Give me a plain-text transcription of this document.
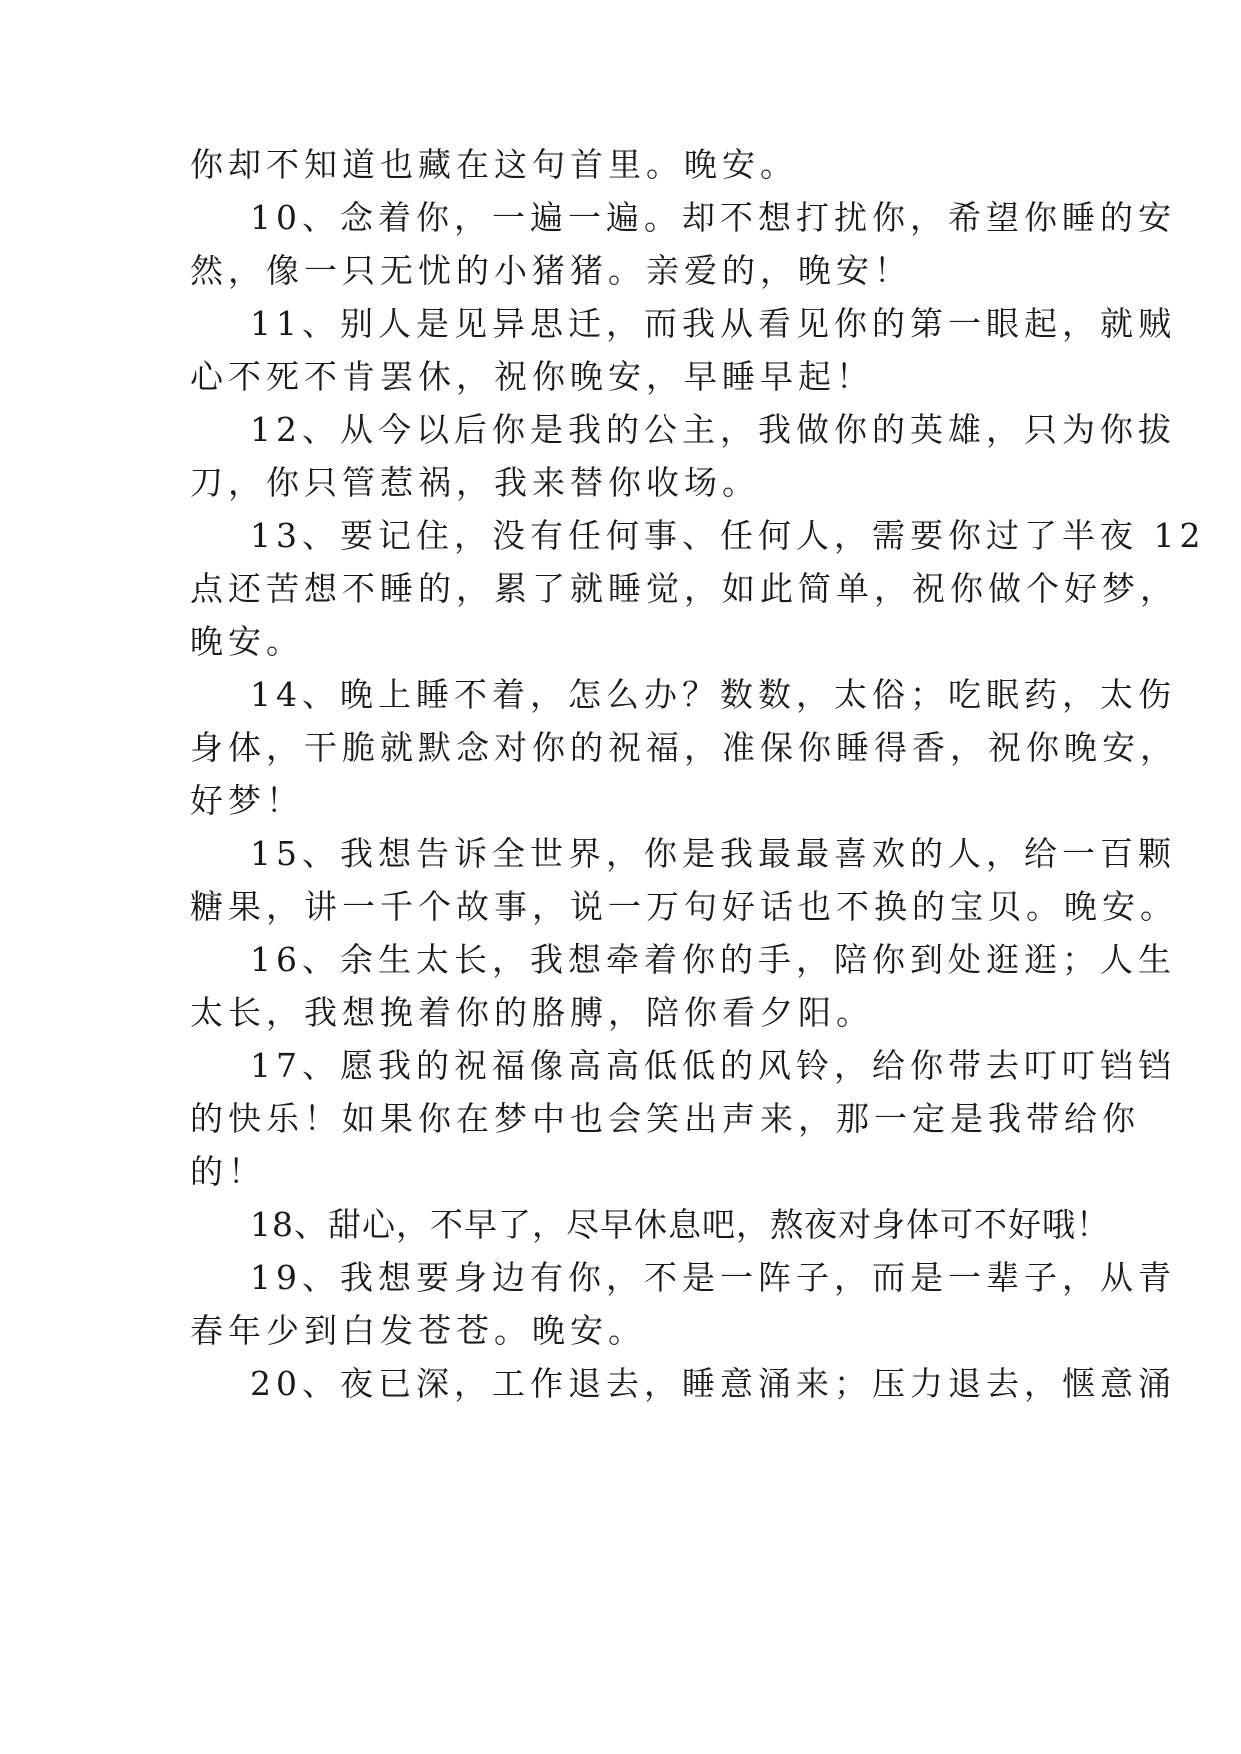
你却不知道也藏在这句首里。晚安。
10、念着你，一遍一遍。却不想打扰你，希望你睡的安
然，像一只无忧的小猪猪。亲爱的，晚安！
11、别人是见异思迁，而我从看见你的第一眼起，就贼
心不死不肯罢休，祝你晚安，早睡早起！
12、从今以后你是我的公主，我做你的英雄，只为你拔
刀，你只管惹祸，我来替你收场。
13、要记住，没有任何事、任何人，需要你过了半夜 12
点还苦想不睡的，累了就睡觉，如此简单，祝你做个好梦，
晚安。
14、晚上睡不着，怎么办？数数，太俗；吃眠药，太伤
身体，干脆就默念对你的祝福，准保你睡得香，祝你晚安，
好梦！
15、我想告诉全世界，你是我最最喜欢的人，给一百颗
糖果，讲一千个故事，说一万句好话也不换的宝贝。晚安。
16、余生太长，我想牵着你的手，陪你到处逛逛；人生
太长，我想挽着你的胳膊，陪你看夕阳。
17、愿我的祝福像高高低低的风铃，给你带去叮叮铛铛
的快乐！如果你在梦中也会笑出声来，那一定是我带给你
的！
18、甜心，不早了，尽早休息吧，熬夜对身体可不好哦！
19、我想要身边有你，不是一阵子，而是一辈子，从青
春年少到白发苍苍。晚安。
20、夜已深，工作退去，睡意涌来；压力退去，惬意涌
